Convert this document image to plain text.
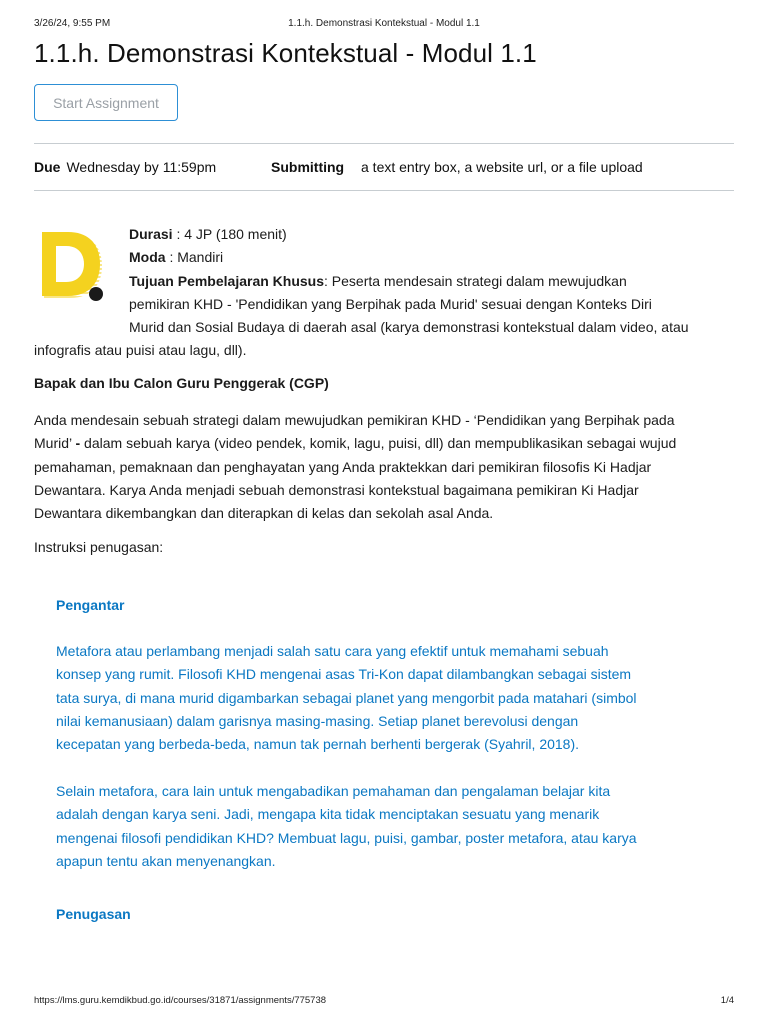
3/26/24, 9:55 PM	1.1.h. Demonstrasi Kontekstual - Modul 1.1
1.1.h. Demonstrasi Kontekstual - Modul 1.1
Start Assignment
Due Wednesday by 11:59pm	Submitting a text entry box, a website url, or a file upload
Durasi : 4 JP (180 menit)
Moda : Mandiri
Tujuan Pembelajaran Khusus: Peserta mendesain strategi dalam mewujudkan
pemikiran KHD - 'Pendidikan yang Berpihak pada Murid' sesuai dengan Konteks Diri
Murid dan Sosial Budaya di daerah asal (karya demonstrasi kontekstual dalam video, atau
infografis atau puisi atau lagu, dll).
Bapak dan Ibu Calon Guru Penggerak (CGP)
Anda mendesain sebuah strategi dalam mewujudkan pemikiran KHD - ‘Pendidikan yang Berpihak pada
Murid’ - dalam sebuah karya (video pendek, komik, lagu, puisi, dll) dan mempublikasikan sebagai wujud
pemahaman, pemaknaan dan penghayatan yang Anda praktekkan dari pemikiran filosofis Ki Hadjar
Dewantara. Karya Anda menjadi sebuah demonstrasi kontekstual bagaimana pemikiran Ki Hadjar
Dewantara dikembangkan dan diterapkan di kelas dan sekolah asal Anda.
Instruksi penugasan:
Pengantar
Metafora atau perlambang menjadi salah satu cara yang efektif untuk memahami sebuah
konsep yang rumit. Filosofi KHD mengenai asas Tri-Kon dapat dilambangkan sebagai sistem
tata surya, di mana murid digambarkan sebagai planet yang mengorbit pada matahari (simbol
nilai kemanusiaan) dalam garisnya masing-masing. Setiap planet berevolusi dengan
kecepatan yang berbeda-beda, namun tak pernah berhenti bergerak (Syahril, 2018).
Selain metafora, cara lain untuk mengabadikan pemahaman dan pengalaman belajar kita
adalah dengan karya seni. Jadi, mengapa kita tidak menciptakan sesuatu yang menarik
mengenai filosofi pendidikan KHD? Membuat lagu, puisi, gambar, poster metafora, atau karya
apapun tentu akan menyenangkan.
Penugasan
https://lms.guru.kemdikbud.go.id/courses/31871/assignments/775738	1/4
